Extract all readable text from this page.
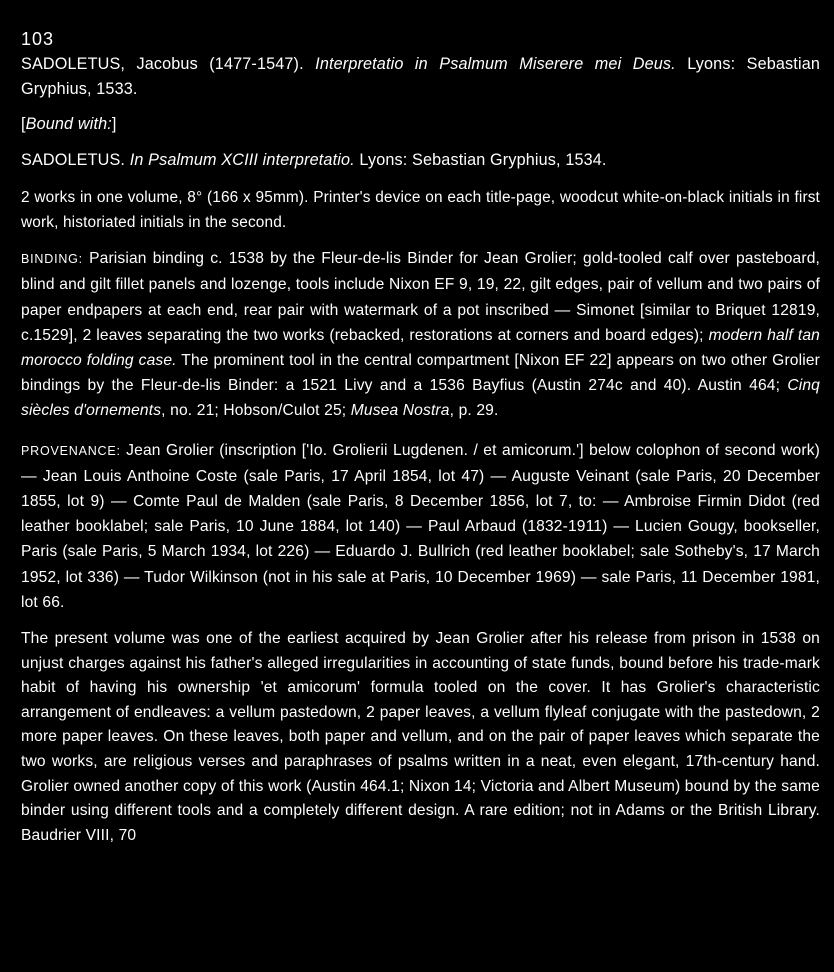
103

SADOLETUS, Jacobus (1477-1547). Interpretatio in Psalmum Miserere mei Deus. Lyons: Sebastian Gryphius, 1533.

[Bound with:]

SADOLETUS. In Psalmum XCIII interpretatio. Lyons: Sebastian Gryphius, 1534.

2 works in one volume, 8° (166 x 95mm). Printer's device on each title-page, woodcut white-on-black initials in first work, historiated initials in the second.

BINDING: Parisian binding c. 1538 by the Fleur-de-lis Binder for Jean Grolier; gold-tooled calf over pasteboard, blind and gilt fillet panels and lozenge, tools include Nixon EF 9, 19, 22, gilt edges, pair of vellum and two pairs of paper endpapers at each end, rear pair with watermark of a pot inscribed — Simonet [similar to Briquet 12819, c.1529], 2 leaves separating the two works (rebacked, restorations at corners and board edges); modern half tan morocco folding case. The prominent tool in the central compartment [Nixon EF 22] appears on two other Grolier bindings by the Fleur-de-lis Binder: a 1521 Livy and a 1536 Bayfius (Austin 274c and 40). Austin 464; Cinq siècles d'ornements, no. 21; Hobson/Culot 25; Musea Nostra, p. 29.

PROVENANCE: Jean Grolier (inscription ['Io. Grolierii Lugdenen. / et amicorum.'] below colophon of second work) — Jean Louis Anthoine Coste (sale Paris, 17 April 1854, lot 47) — Auguste Veinant (sale Paris, 20 December 1855, lot 9) — Comte Paul de Malden (sale Paris, 8 December 1856, lot 7, to: — Ambroise Firmin Didot (red leather booklabel; sale Paris, 10 June 1884, lot 140) — Paul Arbaud (1832-1911) — Lucien Gougy, bookseller, Paris (sale Paris, 5 March 1934, lot 226) — Eduardo J. Bullrich (red leather booklabel; sale Sotheby's, 17 March 1952, lot 336) — Tudor Wilkinson (not in his sale at Paris, 10 December 1969) — sale Paris, 11 December 1981, lot 66.

The present volume was one of the earliest acquired by Jean Grolier after his release from prison in 1538 on unjust charges against his father's alleged irregularities in accounting of state funds, bound before his trade-mark habit of having his ownership 'et amicorum' formula tooled on the cover. It has Grolier's characteristic arrangement of endleaves: a vellum pastedown, 2 paper leaves, a vellum flyleaf conjugate with the pastedown, 2 more paper leaves. On these leaves, both paper and vellum, and on the pair of paper leaves which separate the two works, are religious verses and paraphrases of psalms written in a neat, even elegant, 17th-century hand. Grolier owned another copy of this work (Austin 464.1; Nixon 14; Victoria and Albert Museum) bound by the same binder using different tools and a completely different design. A rare edition; not in Adams or the British Library. Baudrier VIII, 70
